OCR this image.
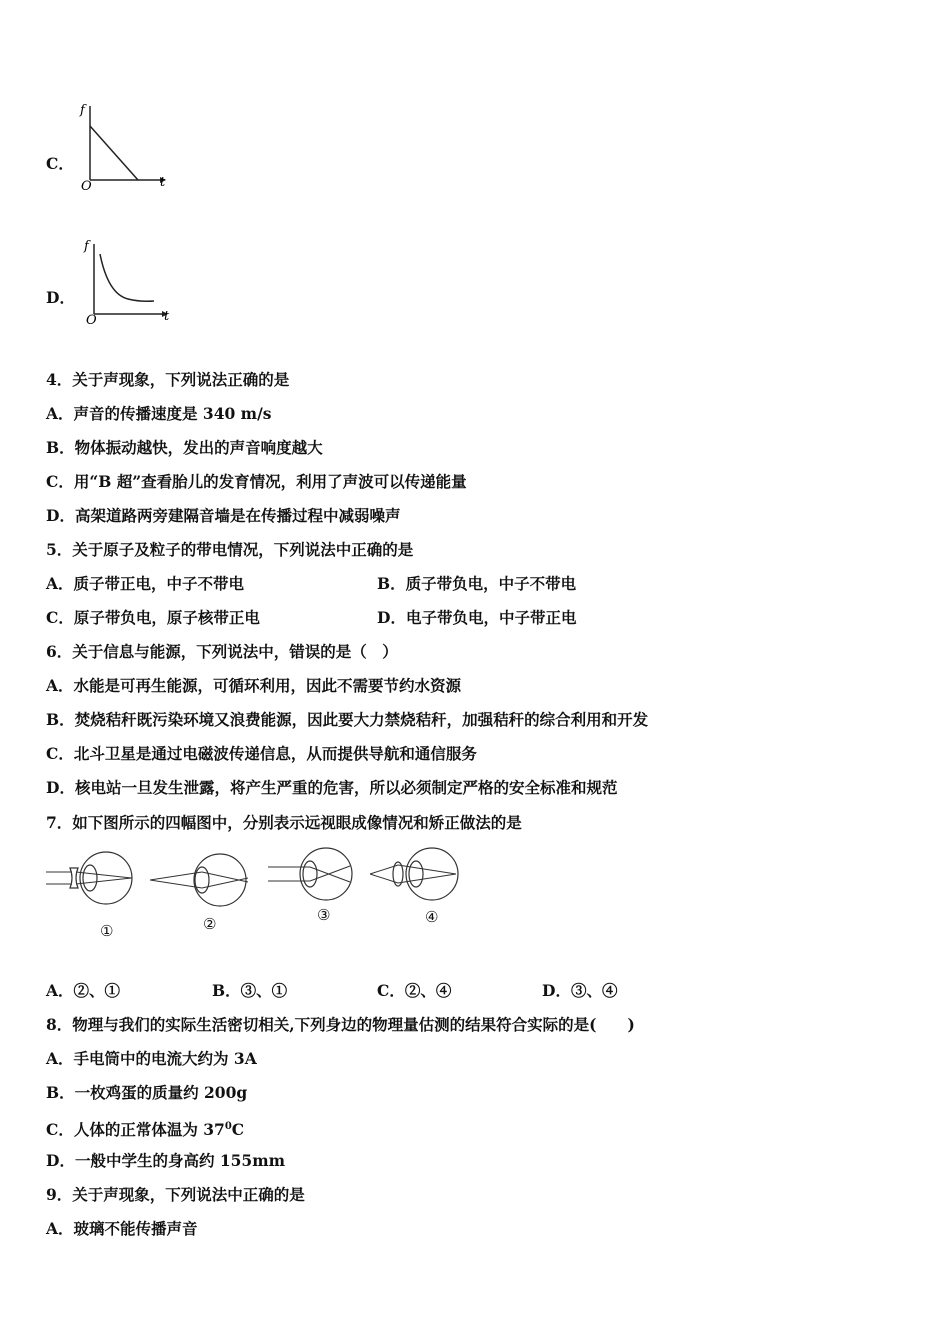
C．
f
O	t
D．
f
O	t
4．关于声现象，下列说法正确的是
A．声音的传播速度是 340 m/s
B．物体振动越快，发出的声音响度越大
C．用“B 超”查看胎儿的发育情况，利用了声波可以传递能量
D．高架道路两旁建隔音墙是在传播过程中减弱噪声
5．关于原子及粒子的带电情况，下列说法中正确的是
A．质子带正电，中子不带电	B．质子带负电，中子不带电
C．原子带负电，原子核带正电	D．电子带负电，中子带正电
6．关于信息与能源，下列说法中，错误的是（　）
A．水能是可再生能源，可循环利用，因此不需要节约水资源
B．焚烧秸秆既污染环境又浪费能源，因此要大力禁烧秸秆，加强秸秆的综合利用和开发
C．北斗卫星是通过电磁波传递信息，从而提供导航和通信服务
D．核电站一旦发生泄露，将产生严重的危害，所以必须制定严格的安全标准和规范
7．如下图所示的四幅图中，分别表示远视眼成像情况和矫正做法的是
①	②	③	④
A．②、①	B．③、①	C．②、④	D．③、④
8．物理与我们的实际生活密切相关,下列身边的物理量估测的结果符合实际的是(　　)
A．手电筒中的电流大约为 3A
B．一枚鸡蛋的质量约 200g
C．人体的正常体温为 $37^0C$
D．一般中学生的身高约 155mm
9．关于声现象，下列说法中正确的是
A．玻璃不能传播声音
